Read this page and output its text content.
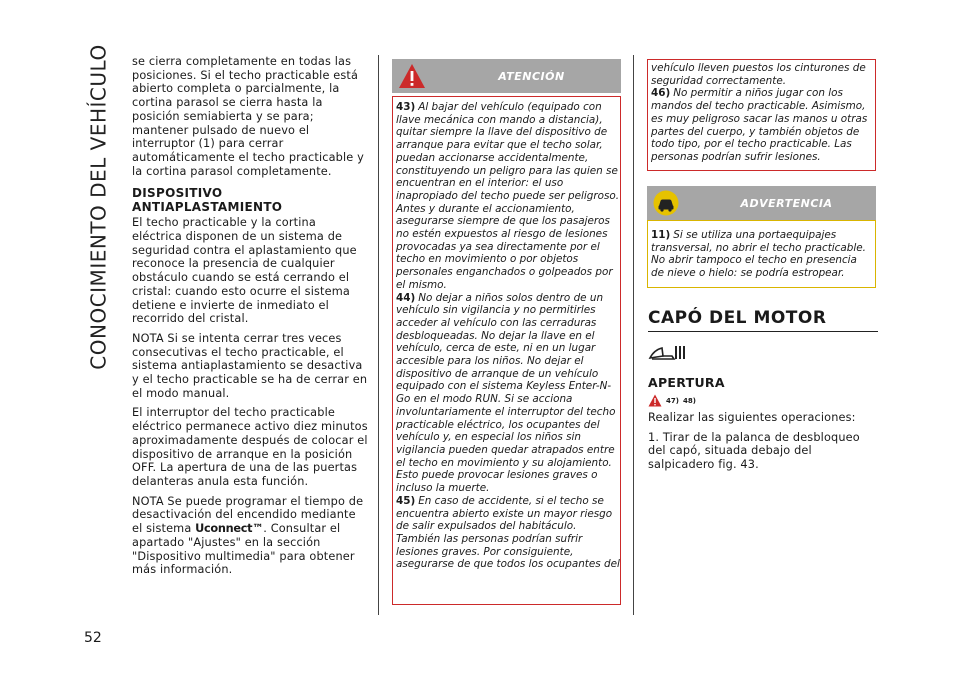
CONOCIMIENTO DEL VEHÍCULO
52

se cierra completamente en todas las posiciones. Si el techo practicable está abierto completa o parcialmente, la cortina parasol se cierra hasta la posición semiabierta y se para; mantener pulsado de nuevo el interruptor (1) para cerrar automáticamente el techo practicable y la cortina parasol completamente.

DISPOSITIVO
ANTIAPLASTAMIENTO

El techo practicable y la cortina eléctrica disponen de un sistema de seguridad contra el aplastamiento que reconoce la presencia de cualquier obstáculo cuando se está cerrando el cristal: cuando esto ocurre el sistema detiene e invierte de inmediato el recorrido del cristal.

NOTA Si se intenta cerrar tres veces consecutivas el techo practicable, el sistema antiaplastamiento se desactiva y el techo practicable se ha de cerrar en el modo manual.

El interruptor del techo practicable eléctrico permanece activo diez minutos aproximadamente después de colocar el dispositivo de arranque en la posición OFF. La apertura de una de las puertas delanteras anula esta función.

NOTA Se puede programar el tiempo de desactivación del encendido mediante el sistema Uconnect™. Consultar el apartado "Ajustes" en la sección "Dispositivo multimedia" para obtener más información.

ATENCIÓN
43) Al bajar del vehículo (equipado con llave mecánica con mando a distancia), quitar siempre la llave del dispositivo de arranque para evitar que el techo solar, puedan accionarse accidentalmente, constituyendo un peligro para las quien se encuentran en el interior: el uso inapropiado del techo puede ser peligroso. Antes y durante el accionamiento, asegurarse siempre de que los pasajeros no estén expuestos al riesgo de lesiones provocadas ya sea directamente por el techo en movimiento o por objetos personales enganchados o golpeados por el mismo.
44) No dejar a niños solos dentro de un vehículo sin vigilancia y no permitirles acceder al vehículo con las cerraduras desbloqueadas. No dejar la llave en el vehículo, cerca de este, ni en un lugar accesible para los niños. No dejar el dispositivo de arranque de un vehículo equipado con el sistema Keyless Enter-N-Go en el modo RUN. Si se acciona involuntariamente el interruptor del techo practicable eléctrico, los ocupantes del vehículo y, en especial los niños sin vigilancia pueden quedar atrapados entre el techo en movimiento y su alojamiento. Esto puede provocar lesiones graves o incluso la muerte.
45) En caso de accidente, si el techo se encuentra abierto existe un mayor riesgo de salir expulsados del habitáculo. También las personas podrían sufrir lesiones graves. Por consiguiente, asegurarse de que todos los ocupantes del
vehículo lleven puestos los cinturones de seguridad correctamente.
46) No permitir a niños jugar con los mandos del techo practicable. Asimismo, es muy peligroso sacar las manos u otras partes del cuerpo, y también objetos de todo tipo, por el techo practicable. Las personas podrían sufrir lesiones.
ADVERTENCIA
11) Si se utiliza una portaequipajes transversal, no abrir el techo practicable. No abrir tampoco el techo en presencia de nieve o hielo: se podría estropear.
CAPÓ DEL MOTOR
APERTURA
47) 48)

Realizar las siguientes operaciones:

1. Tirar de la palanca de desbloqueo del capó, situada debajo del salpicadero fig. 43.
